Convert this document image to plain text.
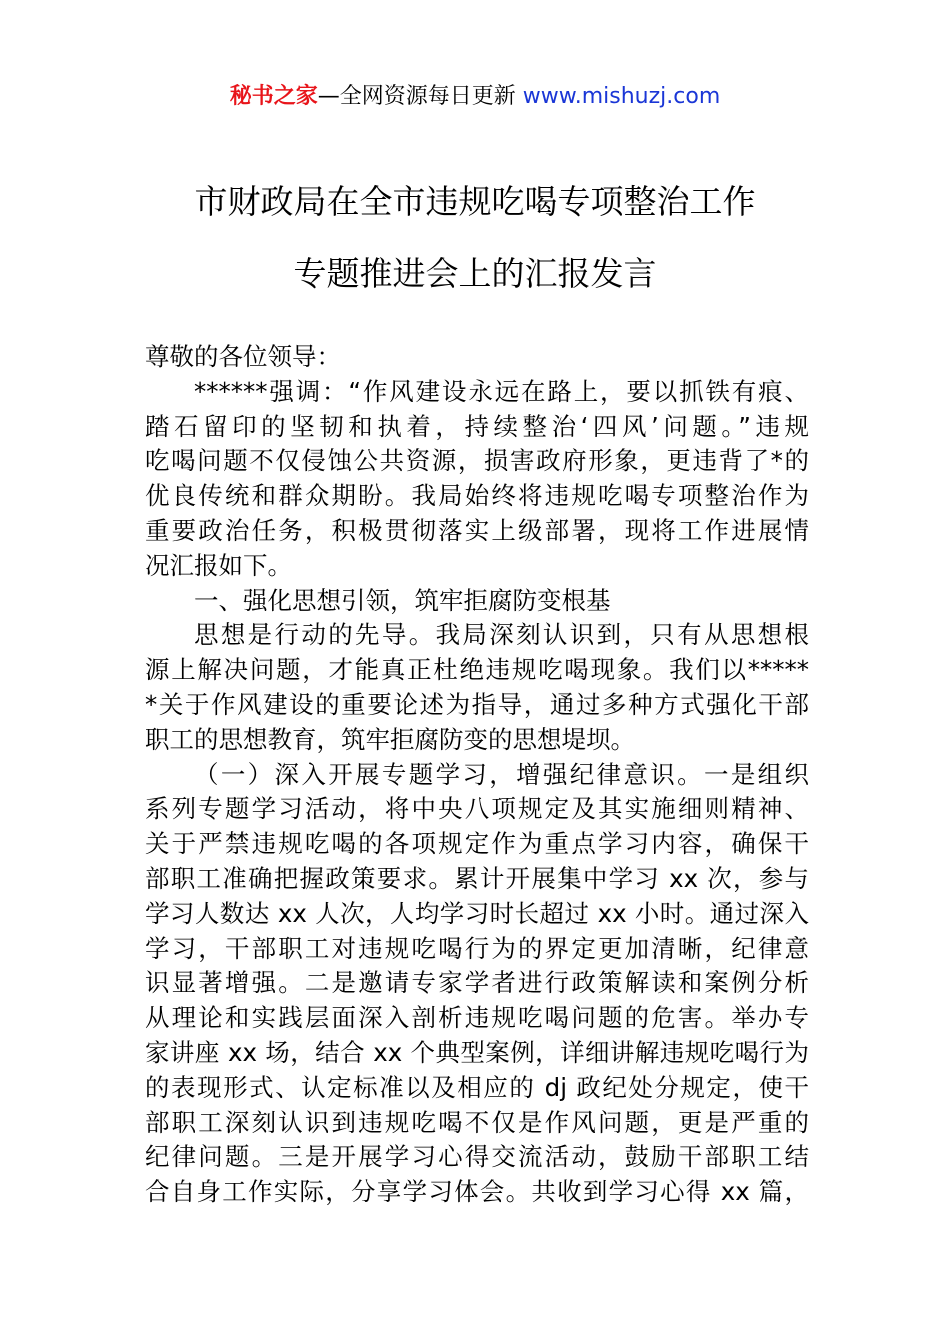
秘书之家—全网资源每日更新 www.mishuzj.com
市财政局在全市违规吃喝专项整治工作
专题推进会上的汇报发言
尊敬的各位领导：
******强调：“作风建设永远在路上，要以抓铁有痕、
踏石留印的坚韧和执着，持续整治‘四风’问题。”违规
吃喝问题不仅侵蚀公共资源，损害政府形象，更违背了*的
优良传统和群众期盼。我局始终将违规吃喝专项整治作为
重要政治任务，积极贯彻落实上级部署，现将工作进展情
况汇报如下。
一、强化思想引领，筑牢拒腐防变根基
思想是行动的先导。我局深刻认识到，只有从思想根
源上解决问题，才能真正杜绝违规吃喝现象。我们以*****
*关于作风建设的重要论述为指导，通过多种方式强化干部
职工的思想教育，筑牢拒腐防变的思想堤坝。
（一）深入开展专题学习，增强纪律意识。一是组织
系列专题学习活动，将中央八项规定及其实施细则精神、
关于严禁违规吃喝的各项规定作为重点学习内容，确保干
部职工准确把握政策要求。累计开展集中学习 xx 次，参与
学习人数达 xx 人次，人均学习时长超过 xx 小时。通过深入
学习，干部职工对违规吃喝行为的界定更加清晰，纪律意
识显著增强。二是邀请专家学者进行政策解读和案例分析
从理论和实践层面深入剖析违规吃喝问题的危害。举办专
家讲座 xx 场，结合 xx 个典型案例，详细讲解违规吃喝行为
的表现形式、认定标准以及相应的 dj 政纪处分规定，使干
部职工深刻认识到违规吃喝不仅是作风问题，更是严重的
纪律问题。三是开展学习心得交流活动，鼓励干部职工结
合自身工作实际，分享学习体会。共收到学习心得 xx 篇，
